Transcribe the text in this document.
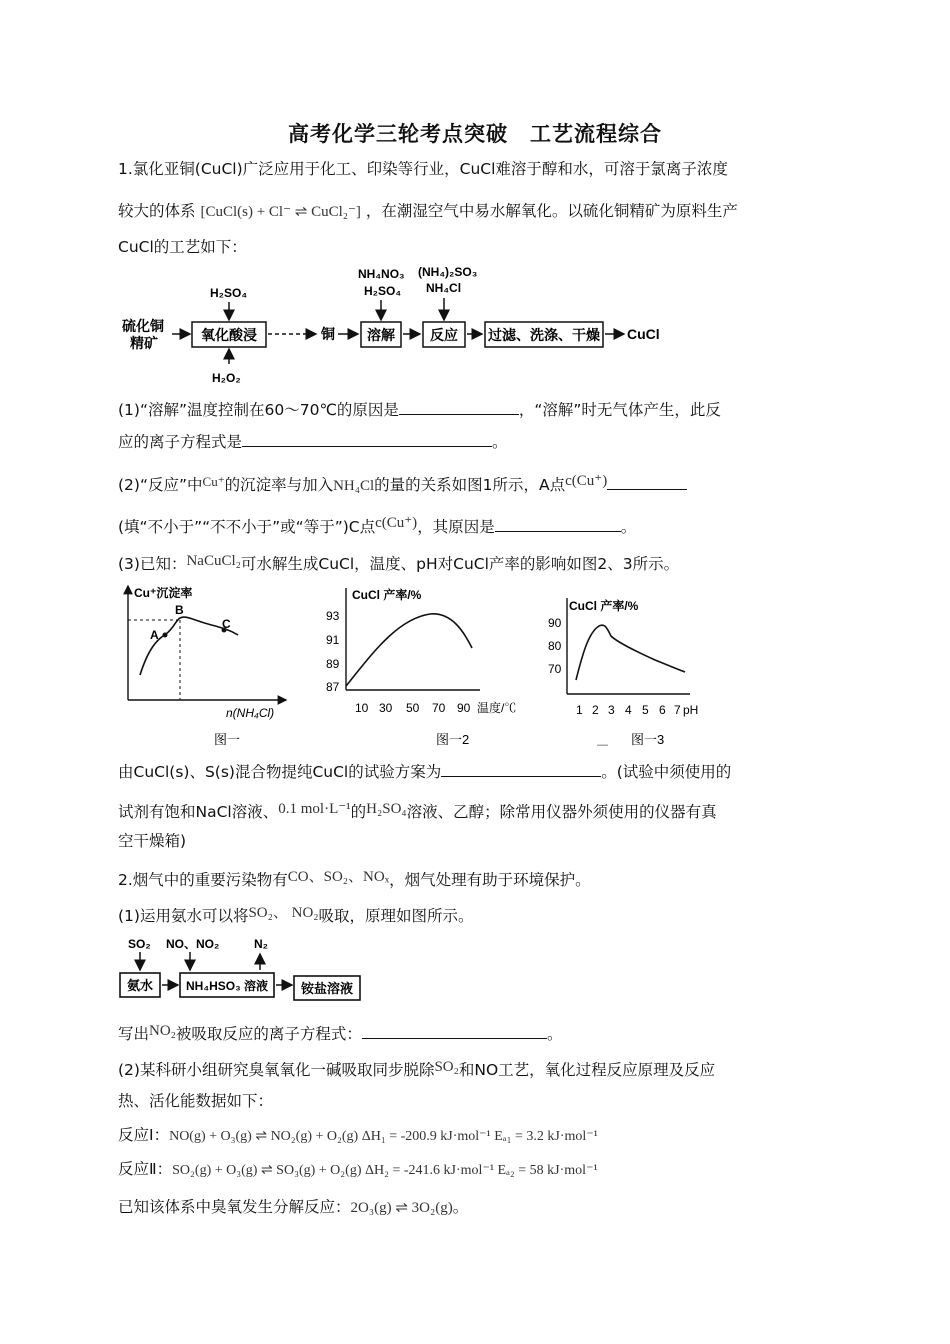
高考化学三轮考点突破　工艺流程综合
1.氯化亚铜(CuCl)广泛应用于化工、印染等行业，CuCl难溶于醇和水，可溶于氯离子浓度
较大的体系 [CuCl(s) + Cl⁻ ⇌ CuCl₂⁻] ，在潮湿空气中易水解氧化。以硫化铜精矿为原料生产
CuCl的工艺如下：
硫化铜
精矿	氧化酸浸
H₂SO₄
H₂O₂
铜 溶解
NH₄NO₃
H₂SO₄
反应
(NH₄)₂SO₃
NH₄Cl
过滤、洗涤、干燥 CuCl
(1)“溶解”温度控制在60～70℃的原因是	，“溶解”时无气体产生，此反
应的离子方程式是	。
(2)“反应”中$^{Cu^+}$的沉淀率与加入NH₄Cl的量的关系如图1所示，A点c(Cu⁺)
(填“不小于”“不不小于”或“等于”)C点c(Cu⁺)，其原因是	。
(3)已知：NaCuCl₂可水解生成CuCl，温度、pH对CuCl产率的影响如图2、3所示。
Cu⁺沉淀率
A
B
C
n(NH₄Cl)
图一
CuCl 产率/%
93
91
89
87
10 30 50 70 90 温度/℃
图一2
CuCl 产率/%
90
80
70
1 2 3 4 5 6 7 pH
— 图一3
由CuCl(s)、S(s)混合物提纯CuCl的试验方案为	。(试验中须使用的
试剂有饱和NaCl溶液、0.1 mol·L⁻¹的H₂SO₄溶液、乙醇；除常用仪器外须使用的仪器有真
空干燥箱)
2.烟气中的重要污染物有CO、SO₂、NOₓ，烟气处理有助于环境保护。
(1)运用氨水可以将SO₂、 NO₂吸取，原理如图所示。
SO₂
氨水
NO、NO₂
NH₄HSO₃ 溶液
N₂
铵盐溶液
写出NO₂被吸取反应的离子方程式：	。
(2)某科研小组研究臭氧氧化一碱吸取同步脱除SO₂和NO工艺，氧化过程反应原理及反应
热、活化能数据如下：
反应Ⅰ：NO(g) + O₃(g) ⇌ NO₂(g) + O₂(g) ΔH₁ = -200.9 kJ·mol⁻¹ Eₐ₁ = 3.2 kJ·mol⁻¹
反应Ⅱ：SO₂(g) + O₃(g) ⇌ SO₃(g) + O₂(g) ΔH₂ = -241.6 kJ·mol⁻¹ Eₐ₂ = 58 kJ·mol⁻¹
已知该体系中臭氧发生分解反应：2O₃(g) ⇌ 3O₂(g)。
